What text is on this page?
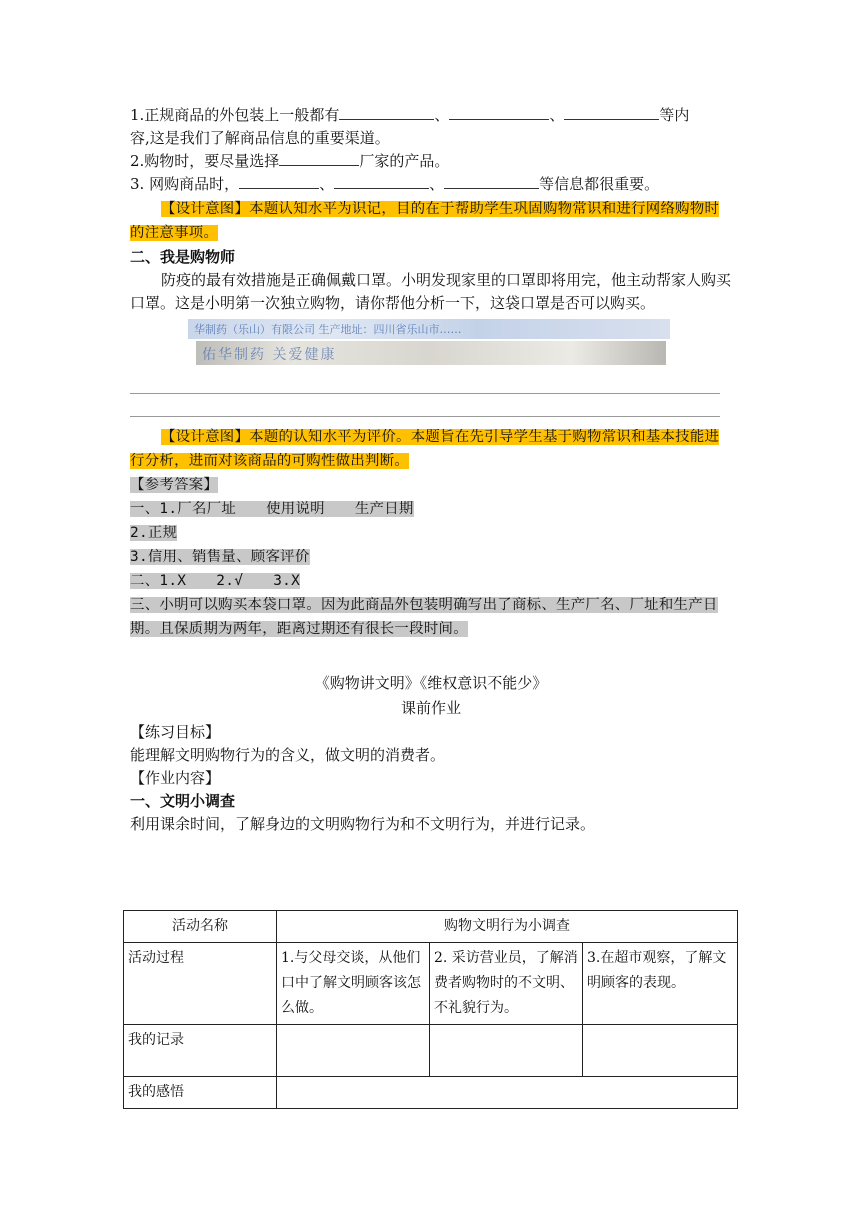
1.正规商品的外包装上一般都有	、	、	等内
容,这是我们了解商品信息的重要渠道。
2.购物时，要尽量选择	厂家的产品。
3. 网购商品时，	、	、	等信息都很重要。
【设计意图】本题认知水平为识记，目的在于帮助学生巩固购物常识和进行网络购物时的注意事项。
二、我是购物师
防疫的最有效措施是正确佩戴口罩。小明发现家里的口罩即将用完，他主动帮家人购买口罩。这是小明第一次独立购物，请你帮他分析一下，这袋口罩是否可以购买。
华制药（乐山）有限公司 生产地址：四川省乐山市……
佑华制药 关爱健康
【设计意图】本题的认知水平为评价。本题旨在先引导学生基于购物常识和基本技能进行分析，进而对该商品的可购性做出判断。
【参考答案】
一、1.厂名厂址 使用说明 生产日期
2.正规
3.信用、销售量、顾客评价
二、1.X 2.√ 3.X
三、小明可以购买本袋口罩。因为此商品外包装明确写出了商标、生产厂名、厂址和生产日期。且保质期为两年，距离过期还有很长一段时间。
《购物讲文明》《维权意识不能少》
课前作业
【练习目标】
能理解文明购物行为的含义，做文明的消费者。
【作业内容】
一、文明小调查
利用课余时间，了解身边的文明购物行为和不文明行为，并进行记录。
活动名称	购物文明行为小调查		
活动过程	1.与父母交谈，从他们口中了解文明顾客该怎么做。	2. 采访营业员，了解消费者购物时的不文明、不礼貌行为。	3.在超市观察，了解文明顾客的表现。
我的记录			
我的感悟			
